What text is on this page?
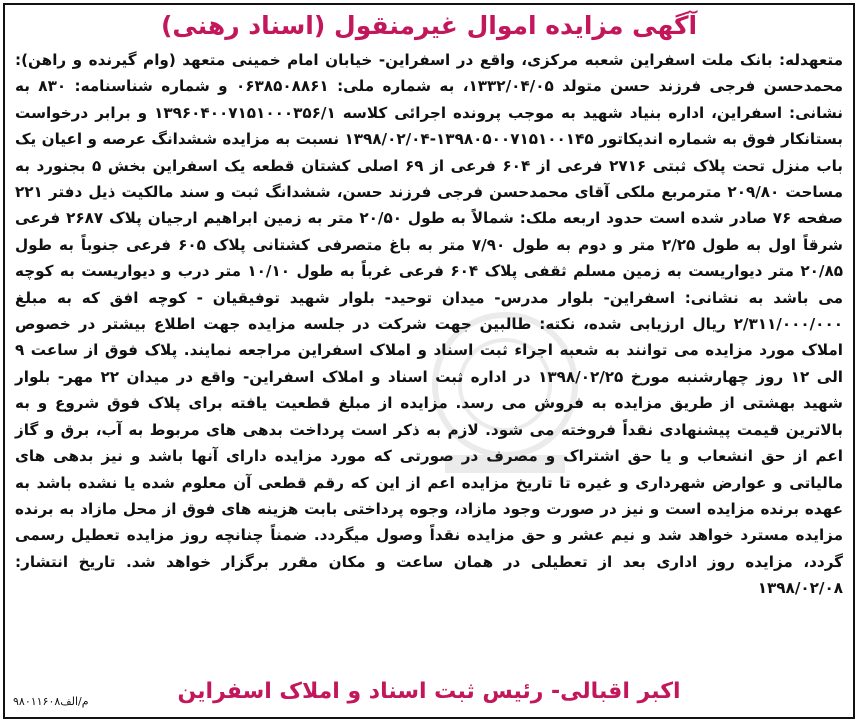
آگهی مزایده اموال غیرمنقول (اسناد رهنی)
متعهدله: بانک ملت اسفراین شعبه مرکزی، واقع در اسفراین- خیابان امام خمینی متعهد (وام گیرنده و راهن): محمدحسن فرجی فرزند حسن متولد ۱۳۳۲/۰۴/۰۵، به شماره ملی: ۰۶۳۸۵۰۸۸۶۱ و شماره شناسنامه: ۸۳۰ به نشانی: اسفراین، اداره بنیاد شهید به موجب پرونده اجرائی کلاسه ۱۳۹۶۰۴۰۰۷۱۵۱۰۰۰۳۵۶/۱ و برابر درخواست بستانکار فوق به شماره اندیکاتور ۱۳۹۸۰۵۰۰۷۱۵۱۰۰۱۴۵-۱۳۹۸/۰۲/۰۴ نسبت به مزایده ششدانگ عرصه و اعیان یک باب منزل تحت پلاک ثبتی ۲۷۱۶ فرعی از ۶۰۴ فرعی از ۶۹ اصلی کشتان قطعه یک اسفراین بخش ۵ بجنورد به مساحت ۲۰۹/۸۰ مترمربع ملکی آقای محمدحسن فرجی فرزند حسن، ششدانگ ثبت و سند مالکیت ذیل دفتر ۲۲۱ صفحه ۷۶ صادر شده است حدود اربعه ملک: شمالاً به طول ۲۰/۵۰ متر به زمین ابراهیم ارجیان پلاک ۲۶۸۷ فرعی شرقاً اول به طول ۲/۲۵ متر و دوم به طول ۷/۹۰ متر به باغ متصرفی کشتانی پلاک ۶۰۵ فرعی جنوباً به طول ۲۰/۸۵ متر دیواریست به زمین مسلم ثقفی پلاک ۶۰۴ فرعی غرباً به طول ۱۰/۱۰ متر درب و دیواریست به کوچه می باشد به نشانی: اسفراین- بلوار مدرس- میدان توحید- بلوار شهید توفیقیان - کوچه افق که به مبلغ ۲/۳۱۱/۰۰۰/۰۰۰ ریال ارزیابی شده، نکته: طالبین جهت شرکت در جلسه مزایده جهت اطلاع بیشتر در خصوص املاک مورد مزایده می توانند به شعبه اجراء ثبت اسناد و املاک اسفراین مراجعه نمایند. پلاک فوق از ساعت ۹ الی ۱۲ روز چهارشنبه مورخ ۱۳۹۸/۰۲/۲۵ در اداره ثبت اسناد و املاک اسفراین- واقع در میدان ۲۲ مهر- بلوار شهید بهشتی از طریق مزایده به فروش می رسد. مزایده از مبلغ قطعیت یافته برای پلاک فوق شروع و به بالاترین قیمت پیشنهادی نقداً فروخته می شود. لازم به ذکر است پرداخت بدهی های مربوط به آب، برق و گاز اعم از حق انشعاب و یا حق اشتراک و مصرف در صورتی که مورد مزایده دارای آنها باشد و نیز بدهی های مالیاتی و عوارض شهرداری و غیره تا تاریخ مزایده اعم از این که رقم قطعی آن معلوم شده یا نشده باشد به عهده برنده مزایده است و نیز در صورت وجود مازاد، وجوه پرداختی بابت هزینه های فوق از محل مازاد به برنده مزایده مسترد خواهد شد و نیم عشر و حق مزایده نقداً وصول میگردد. ضمناً چنانچه روز مزایده تعطیل رسمی گردد، مزایده روز اداری بعد از تعطیلی در همان ساعت و مکان مقرر برگزار خواهد شد. تاریخ انتشار: ۱۳۹۸/۰۲/۰۸
اکبر اقبالی- رئیس ثبت اسناد و املاک اسفراین
م/الف۹۸۰۱۱۶۰۸
